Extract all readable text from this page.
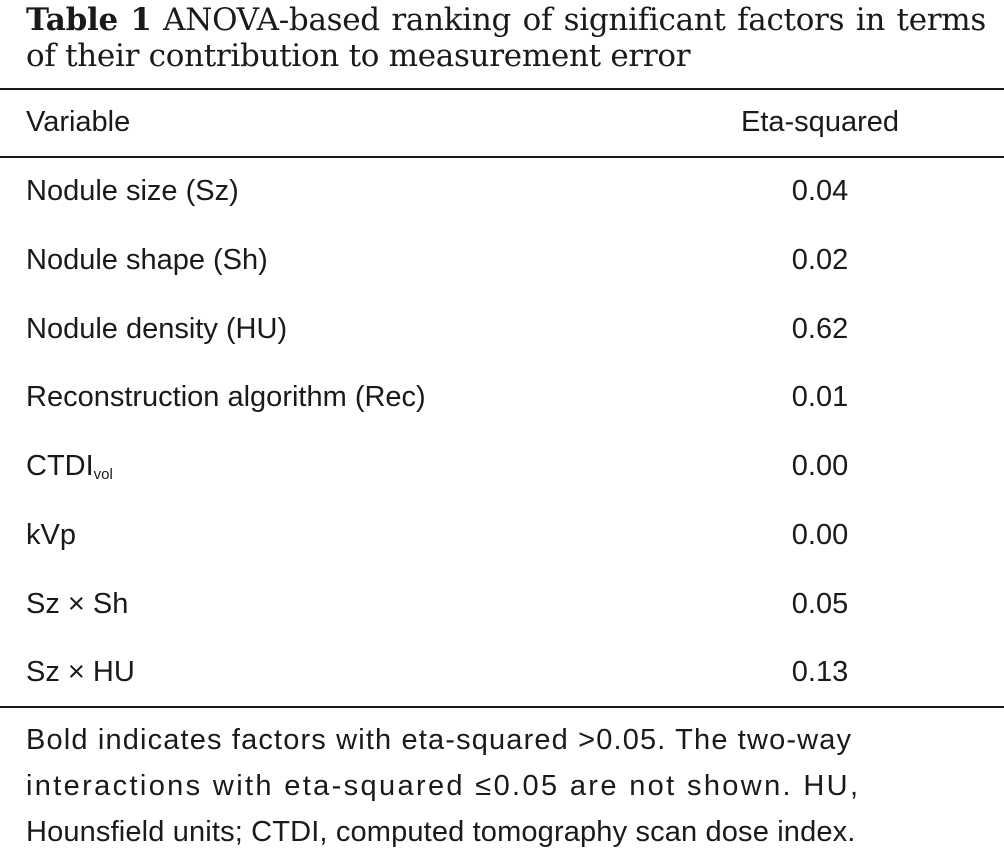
Table 1 ANOVA-based ranking of significant factors in terms of their contribution to measurement error
Variable	Eta-squared
Nodule size (Sz)	0.04
Nodule shape (Sh)	0.02
Nodule density (HU)	0.62
Reconstruction algorithm (Rec)	0.01
$CTDI_{vol}$	0.00
kVp	0.00
Sz × Sh	0.05
Sz × HU	0.13
Bold indicates factors with eta-squared >0.05. The two-way
interactions with eta-squared ≤0.05 are not shown. HU,
Hounsfield units; CTDI, computed tomography scan dose index.
